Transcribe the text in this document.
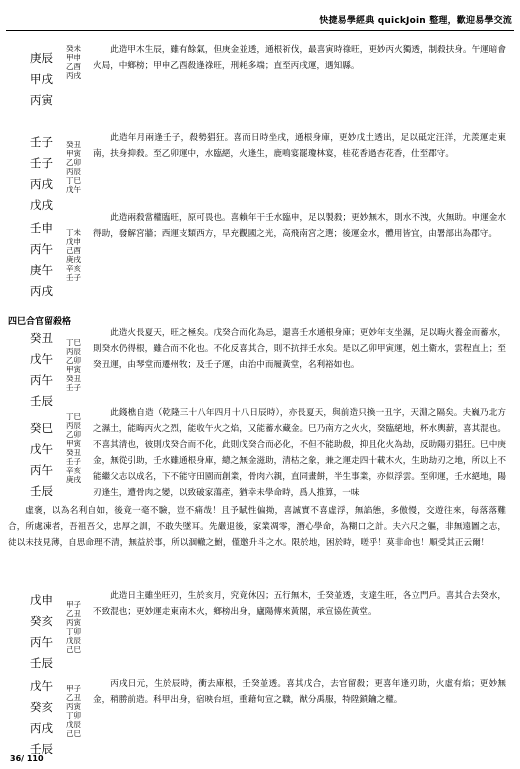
快捷易學經典 quickJoin 整理，歡迎易學交流
庚辰
甲戌
丙寅
癸未
甲申
乙酉
丙戌

此造甲木生辰，雖有餘氣，但庚金並透，通根祈伐，最喜寅時祿旺，更妙丙火獨透，制殺扶身。午運暗會火局，中鄉榜；甲申乙酉殺逢祿旺，刑耗多端；直至丙戌運，遇知縣。

壬子
壬子
丙戌
戊戌
癸丑
甲寅
乙卯
丙辰
丁巳
戊午

此造年月兩逢壬子，殺勢猖狂。喜而日時坐戌，通根身庫，更妙戊土透出，足以砥定汪洋，尤羨運走東南，扶身抑殺。至乙卯運中，水臨絕，火逢生，鹿鳴宴罷瓊林宴，桂花香過杏花香，仕至郡守。

壬申
丙午
庚午
丙戌
丁未
戊申
己酉
庚戌
辛亥
壬子

此造兩殺當權臨旺，原可畏也。喜賴年干壬水臨申，足以製殺；更妙無木，則水不洩，火無助。申運金水得助，發解宮牆；西運支類西方，早充觀國之光，高飛南宮之選；後運金水，體用皆宜，由署部出為郡守。

四巳合官留殺格
癸丑
戊午
丙午
壬辰
丁巳
丙辰
乙卯
甲寅
癸丑
壬子

此造火長夏天，旺之極矣。戊癸合而化為忌，還喜壬水通根身庫；更妙年支坐濕，足以晦火養金而蓄水，則癸水仍得根，雖合而不化也。不化反喜其合，則不抗拌壬水矣。是以乙卯甲寅運，剋土衛水，雲程直上；至癸丑運，由琴堂而遷州牧；及壬子運，由治中而履黃堂，名利裕如也。

癸巳
戊午
丙午
壬辰
丁巳
丙辰
乙卯
甲寅
癸丑
壬子
辛亥
庚戌

此錢樵自造（乾隆三十八年四月十八日辰時），亦長夏天，與前造只換一丑字，天淵之隔矣。夫巍乃北方之濕土，能晦丙火之烈，能收午火之焰，又能蓄水藏金。巳乃南方之火火，癸臨絕地，杯水輿薪，喜其混也。不喜其清也，彼則戊癸合而不化，此則戊癸合而必化，不但不能助殺，抑且化火為劫，反助陽刃猖狂。巳中庚金，無從引助，壬水雖通根身庫，總之無金滋助，清枯之象，兼之運走四十載木火，生助劫刃之地，所以上不能繼父志以成名，下不能守田園而創業，骨肉六親，直同畫餅，半生事業，亦似浮雲。至卯運，壬水絕地，陽刃逢生，遭骨肉之變，以致破家蕩產，猶幸未學命時，爲人推算，一味

虛褒，以為名利自如，後竟一毫不驗，豈不痛哉！且予賦性偏拗，喜誠實不喜虛浮，無諂態，多傲慢，交遊往來，每落落難合，所處凍者，吾祖吾父，忠厚之訓，不敢失墜耳。先嚴退後，家業凋零，潛心學命，為糊口之計。夫六尺之軀，非無遠圖之志，徒以未技見薄，自思命理不清，無益於事，所以涸轍之鮒，僅邀升斗之水。限於地，困於時，嗟乎！莫非命也！順受其正云爾！

戊申
癸亥
丙午
壬辰
甲子
乙丑
丙寅
丁卯
戊辰
己巳

此造日主雖坐旺刃，生於亥月，究竟休囚；五行無木，壬癸並透，支達生旺，各立門戶。喜其合去癸水，不致混也；更妙運走東南木火，鄉榜出身，廬陽傳來黃閣，承宣協佐黃堂。

戊午
癸亥
丙戌
壬辰
甲子
乙丑
丙寅
丁卯
戊辰
己巳

丙戌日元，生於辰時，衝去庫根，壬癸並透。喜其戊合，去官留殺；更喜年逢刃助，火虛有焰；更妙無金，稍勝前造。科甲出身，宿映台垣，重藉旬宣之職，猷分禹服，特陞鎖鑰之權。

36/ 110
